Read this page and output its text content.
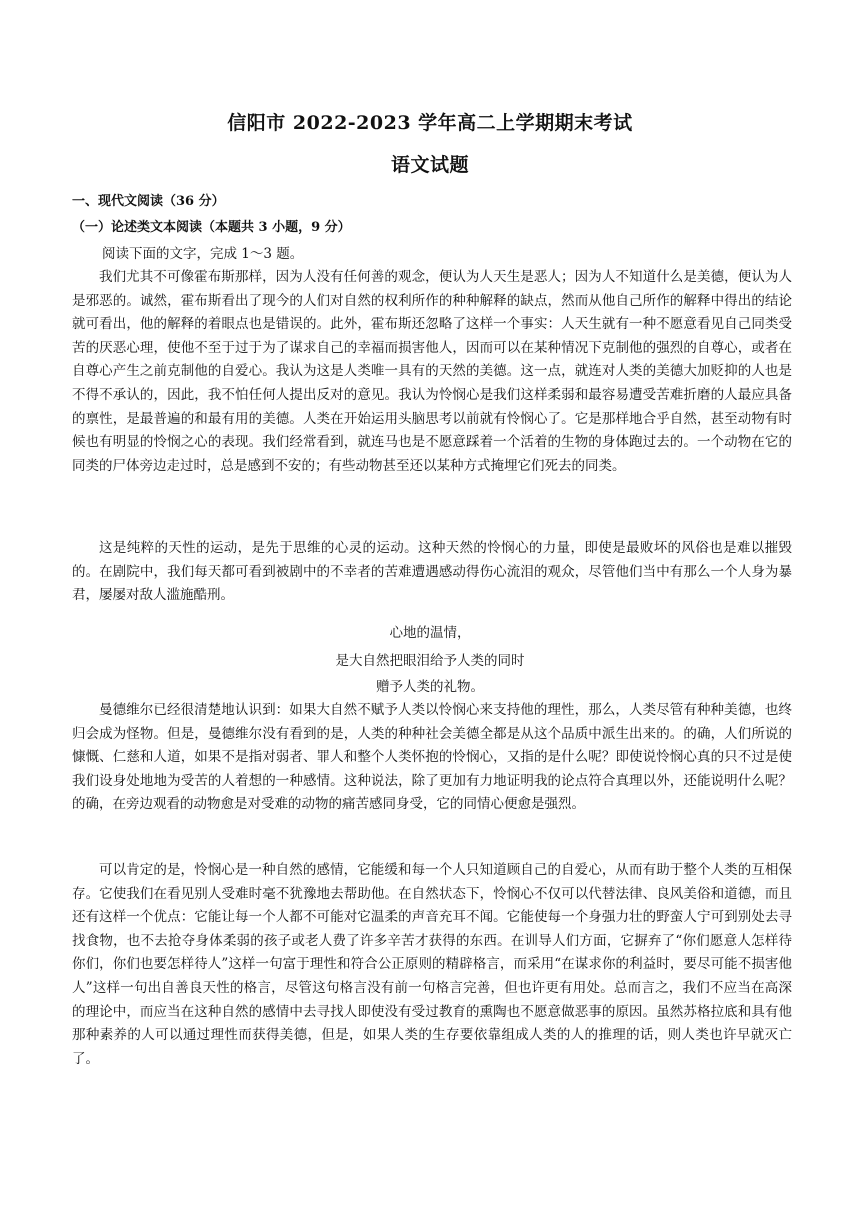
信阳市 2022-2023 学年高二上学期期末考试
语文试题
一、现代文阅读（36 分）
（一）论述类文本阅读（本题共 3 小题，9 分）
阅读下面的文字，完成 1～3 题。

我们尤其不可像霍布斯那样，因为人没有任何善的观念，便认为人天生是恶人；因为人不知道什么是美德，便认为人是邪恶的。诚然，霍布斯看出了现今的人们对自然的权利所作的种种解释的缺点，然而从他自己所作的解释中得出的结论就可看出，他的解释的着眼点也是错误的。此外，霍布斯还忽略了这样一个事实：人天生就有一种不愿意看见自己同类受苦的厌恶心理，使他不至于过于为了谋求自己的幸福而损害他人，因而可以在某种情况下克制他的强烈的自尊心，或者在自尊心产生之前克制他的自爱心。我认为这是人类唯一具有的天然的美德。这一点，就连对人类的美德大加贬抑的人也是不得不承认的，因此，我不怕任何人提出反对的意见。我认为怜悯心是我们这样柔弱和最容易遭受苦难折磨的人最应具备的禀性，是最普遍的和最有用的美德。人类在开始运用头脑思考以前就有怜悯心了。它是那样地合乎自然，甚至动物有时候也有明显的怜悯之心的表现。我们经常看到，就连马也是不愿意踩着一个活着的生物的身体跑过去的。一个动物在它的同类的尸体旁边走过时，总是感到不安的；有些动物甚至还以某种方式掩埋它们死去的同类。

这是纯粹的天性的运动，是先于思维的心灵的运动。这种天然的怜悯心的力量，即使是最败坏的风俗也是难以摧毁的。在剧院中，我们每天都可看到被剧中的不幸者的苦难遭遇感动得伤心流泪的观众，尽管他们当中有那么一个人身为暴君，屡屡对敌人滥施酷刑。

心地的温情，
是大自然把眼泪给予人类的同时
赠予人类的礼物。

曼德维尔已经很清楚地认识到：如果大自然不赋予人类以怜悯心来支持他的理性，那么，人类尽管有种种美德，也终归会成为怪物。但是，曼德维尔没有看到的是，人类的种种社会美德全都是从这个品质中派生出来的。的确，人们所说的慷慨、仁慈和人道，如果不是指对弱者、罪人和整个人类怀抱的怜悯心，又指的是什么呢？即使说怜悯心真的只不过是使我们设身处地地为受苦的人着想的一种感情。这种说法，除了更加有力地证明我的论点符合真理以外，还能说明什么呢？的确，在旁边观看的动物愈是对受难的动物的痛苦感同身受，它的同情心便愈是强烈。

可以肯定的是，怜悯心是一种自然的感情，它能缓和每一个人只知道顾自己的自爱心，从而有助于整个人类的互相保存。它使我们在看见别人受难时毫不犹豫地去帮助他。在自然状态下，怜悯心不仅可以代替法律、良风美俗和道德，而且还有这样一个优点：它能让每一个人都不可能对它温柔的声音充耳不闻。它能使每一个身强力壮的野蛮人宁可到别处去寻找食物，也不去抢夺身体柔弱的孩子或老人费了许多辛苦才获得的东西。在训导人们方面，它摒弃了“你们愿意人怎样待你们，你们也要怎样待人”这样一句富于理性和符合公正原则的精辟格言，而采用“在谋求你的利益时，要尽可能不损害他人”这样一句出自善良天性的格言，尽管这句格言没有前一句格言完善，但也许更有用处。总而言之，我们不应当在高深的理论中，而应当在这种自然的感情中去寻找人即使没有受过教育的熏陶也不愿意做恶事的原因。虽然苏格拉底和具有他那种素养的人可以通过理性而获得美德，但是，如果人类的生存要依靠组成人类的人的推理的话，则人类也许早就灭亡了。
